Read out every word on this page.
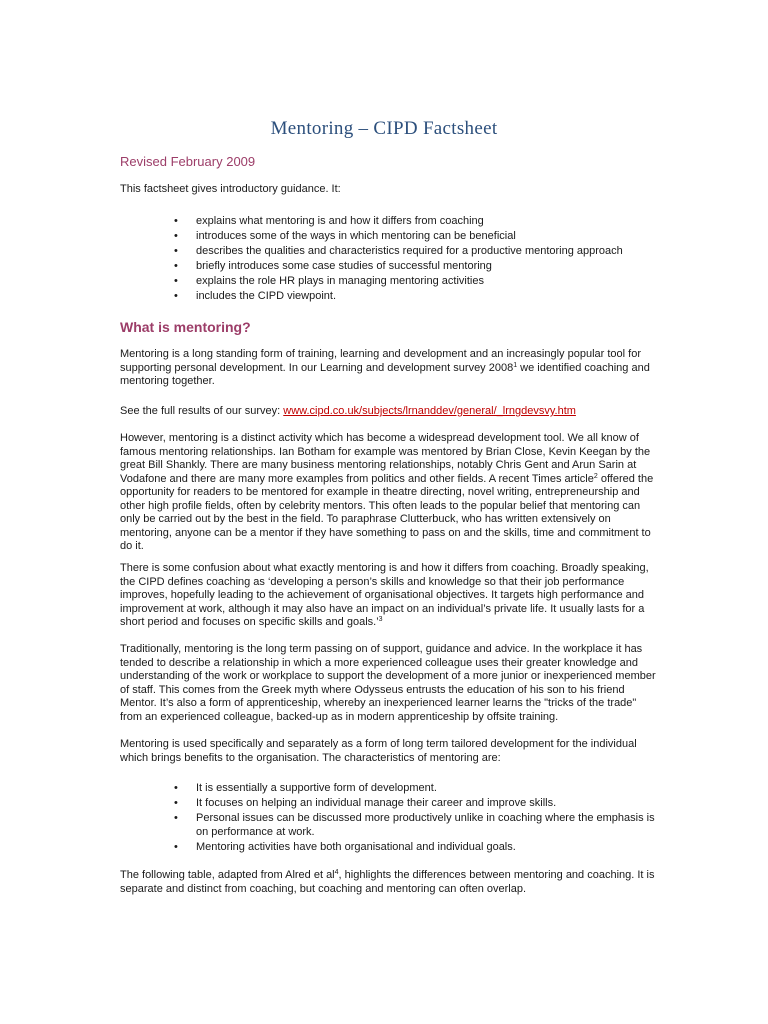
Mentoring – CIPD Factsheet
Revised February 2009

This factsheet gives introductory guidance. It:

• explains what mentoring is and how it differs from coaching
• introduces some of the ways in which mentoring can be beneficial
• describes the qualities and characteristics required for a productive mentoring approach
• briefly introduces some case studies of successful mentoring
• explains the role HR plays in managing mentoring activities
• includes the CIPD viewpoint.
What is mentoring?

Mentoring is a long standing form of training, learning and development and an increasingly popular tool for supporting personal development. In our Learning and development survey 2008$^1$ we identified coaching and mentoring together.

See the full results of our survey: www.cipd.co.uk/subjects/lrnanddev/general/_lrngdevsvy.htm

However, mentoring is a distinct activity which has become a widespread development tool. We all know of famous mentoring relationships. Ian Botham for example was mentored by Brian Close, Kevin Keegan by the great Bill Shankly. There are many business mentoring relationships, notably Chris Gent and Arun Sarin at Vodafone and there are many more examples from politics and other fields. A recent Times article$^2$ offered the opportunity for readers to be mentored for example in theatre directing, novel writing, entrepreneurship and other high profile fields, often by celebrity mentors. This often leads to the popular belief that mentoring can only be carried out by the best in the field. To paraphrase Clutterbuck, who has written extensively on mentoring, anyone can be a mentor if they have something to pass on and the skills, time and commitment to do it.

There is some confusion about what exactly mentoring is and how it differs from coaching. Broadly speaking, the CIPD defines coaching as ‘developing a person’s skills and knowledge so that their job performance improves, hopefully leading to the achievement of organisational objectives. It targets high performance and improvement at work, although it may also have an impact on an individual’s private life. It usually lasts for a short period and focuses on specific skills and goals.’$^3$

Traditionally, mentoring is the long term passing on of support, guidance and advice. In the workplace it has tended to describe a relationship in which a more experienced colleague uses their greater knowledge and understanding of the work or workplace to support the development of a more junior or inexperienced member of staff. This comes from the Greek myth where Odysseus entrusts the education of his son to his friend Mentor. It’s also a form of apprenticeship, whereby an inexperienced learner learns the "tricks of the trade" from an experienced colleague, backed-up as in modern apprenticeship by offsite training.

Mentoring is used specifically and separately as a form of long term tailored development for the individual which brings benefits to the organisation. The characteristics of mentoring are:

• It is essentially a supportive form of development.
• It focuses on helping an individual manage their career and improve skills.
• Personal issues can be discussed more productively unlike in coaching where the emphasis is on performance at work.
• Mentoring activities have both organisational and individual goals.

The following table, adapted from Alred et $al^4$, highlights the differences between mentoring and coaching. It is separate and distinct from coaching, but coaching and mentoring can often overlap.
